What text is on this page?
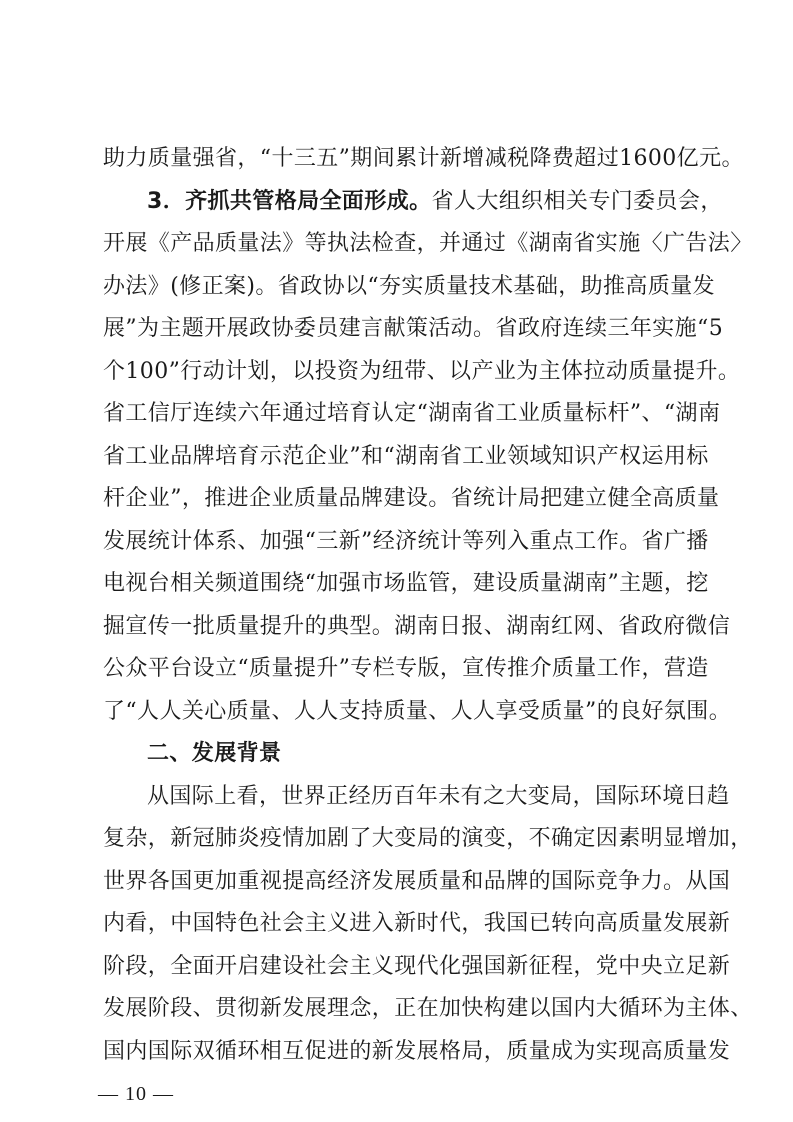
助力质量强省，“十三五”期间累计新增减税降费超过1600亿元。
3．齐抓共管格局全面形成。省人大组织相关专门委员会，
开展《产品质量法》等执法检查，并通过《湖南省实施〈广告法〉
办法》(修正案)。省政协以“夯实质量技术基础，助推高质量发
展”为主题开展政协委员建言献策活动。省政府连续三年实施“5
个100”行动计划，以投资为纽带、以产业为主体拉动质量提升。
省工信厅连续六年通过培育认定“湖南省工业质量标杆”、“湖南
省工业品牌培育示范企业”和“湖南省工业领域知识产权运用标
杆企业”，推进企业质量品牌建设。省统计局把建立健全高质量
发展统计体系、加强“三新”经济统计等列入重点工作。省广播
电视台相关频道围绕“加强市场监管，建设质量湖南”主题，挖
掘宣传一批质量提升的典型。湖南日报、湖南红网、省政府微信
公众平台设立“质量提升”专栏专版，宣传推介质量工作，营造
了“人人关心质量、人人支持质量、人人享受质量”的良好氛围。
二、发展背景
从国际上看，世界正经历百年未有之大变局，国际环境日趋
复杂，新冠肺炎疫情加剧了大变局的演变，不确定因素明显增加，
世界各国更加重视提高经济发展质量和品牌的国际竞争力。从国
内看，中国特色社会主义进入新时代，我国已转向高质量发展新
阶段，全面开启建设社会主义现代化强国新征程，党中央立足新
发展阶段、贯彻新发展理念，正在加快构建以国内大循环为主体、
国内国际双循环相互促进的新发展格局，质量成为实现高质量发
— 10 —
